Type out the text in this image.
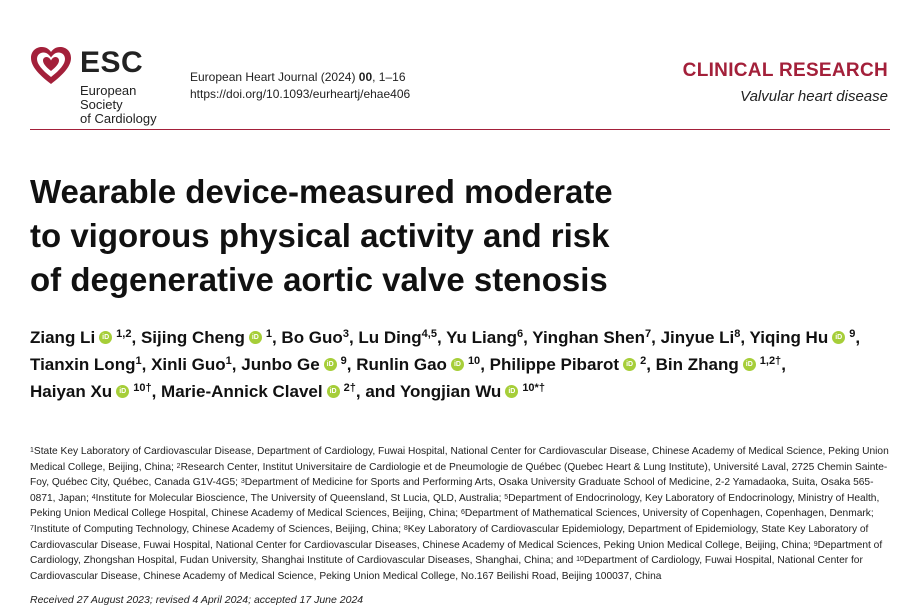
ESC
European Society
of Cardiology
European Heart Journal (2024) 00, 1–16
https://doi.org/10.1093/eurheartj/ehae406
CLINICAL RESEARCH
Valvular heart disease
Wearable device-measured moderate
to vigorous physical activity and risk
of degenerative aortic valve stenosis
Ziang Li iD $^{1,2}$, Sijing Cheng iD $^1$, Bo Guo$^3$, Lu Ding$^{4,5}$, Yu Liang$^6$, Yinghan Shen$^7$, Jinyue Li$^8$, Yiqing Hu iD $^9$, Tianxin Long$^1$, Xinli Guo$^1$, Junbo Ge iD $^9$, Runlin Gao iD $^{10}$, Philippe Pibarot iD $^2$, Bin Zhang iD $^{1,2\dagger}$, Haiyan Xu iD $^{10\dagger}$, Marie-Annick Clavel iD $^{2\dagger}$, and Yongjian Wu iD $^{10*\dagger}$
$^1$State Key Laboratory of Cardiovascular Disease, Department of Cardiology, Fuwai Hospital, National Center for Cardiovascular Disease, Chinese Academy of Medical Science, Peking Union Medical College, Beijing, China; $^2$Research Center, Institut Universitaire de Cardiologie et de Pneumologie de Québec (Quebec Heart & Lung Institute), Université Laval, 2725 Chemin Sainte-Foy, Québec City, Québec, Canada G1V-4G5; $^3$Department of Medicine for Sports and Performing Arts, Osaka University Graduate School of Medicine, 2-2 Yamadaoka, Suita, Osaka 565-0871, Japan; $^4$Institute for Molecular Bioscience, The University of Queensland, St Lucia, QLD, Australia; $^5$Department of Endocrinology, Key Laboratory of Endocrinology, Ministry of Health, Peking Union Medical College Hospital, Chinese Academy of Medical Sciences, Beijing, China; $^6$Department of Mathematical Sciences, University of Copenhagen, Copenhagen, Denmark; $^7$Institute of Computing Technology, Chinese Academy of Sciences, Beijing, China; $^8$Key Laboratory of Cardiovascular Epidemiology, Department of Epidemiology, State Key Laboratory of Cardiovascular Disease, Fuwai Hospital, National Center for Cardiovascular Diseases, Chinese Academy of Medical Sciences, Peking Union Medical College, Beijing, China; $^9$Department of Cardiology, Zhongshan Hospital, Fudan University, Shanghai Institute of Cardiovascular Diseases, Shanghai, China; and $^{10}$Department of Cardiology, Fuwai Hospital, National Center for Cardiovascular Disease, Chinese Academy of Medical Science, Peking Union Medical College, No.167 Beilishi Road, Beijing 100037, China
Received 27 August 2023; revised 4 April 2024; accepted 17 June 2024
